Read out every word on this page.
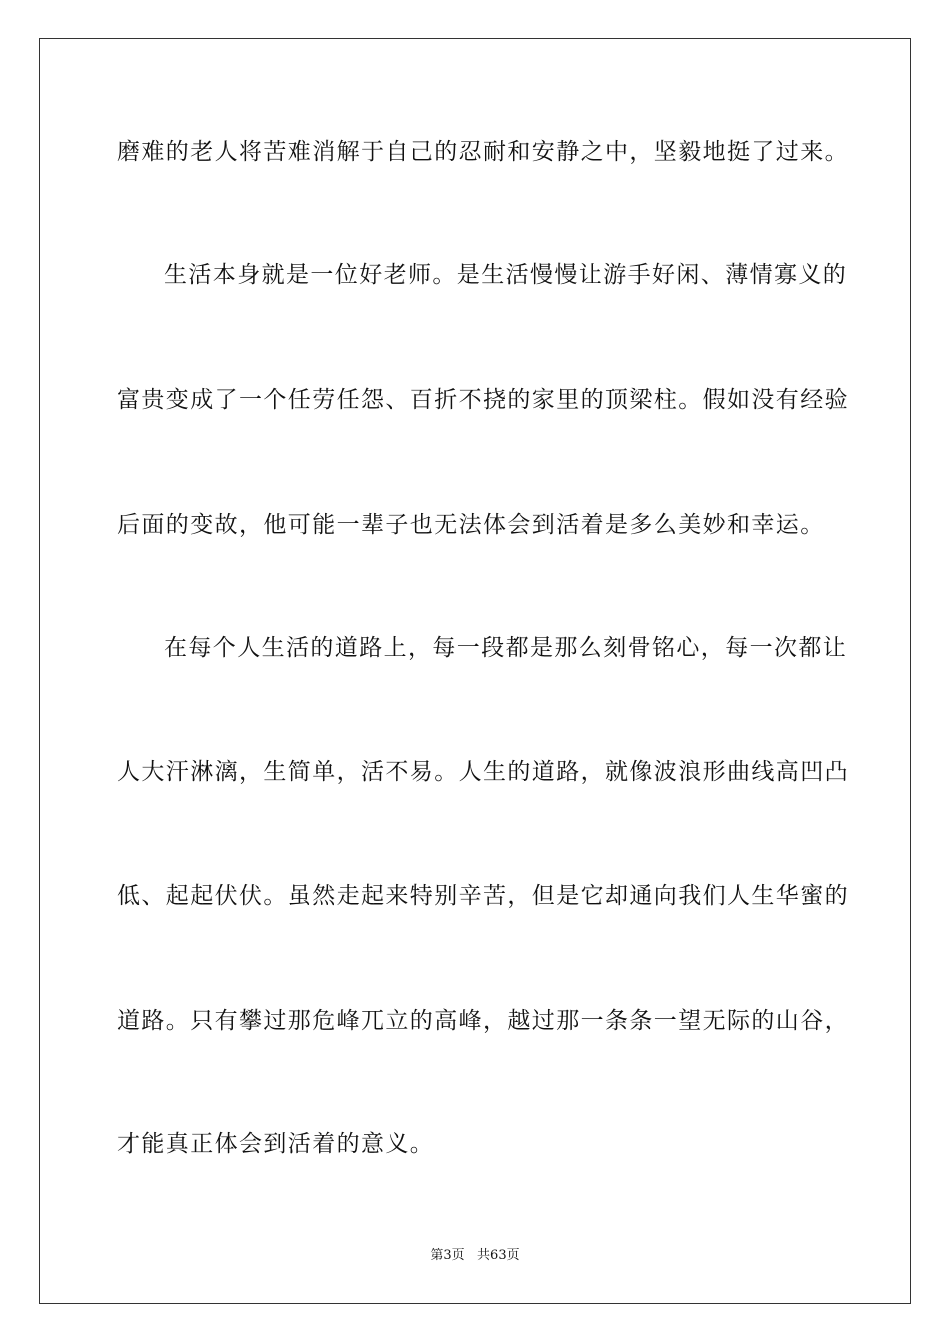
磨难的老人将苦难消解于自己的忍耐和安静之中，坚毅地挺了过来。
生活本身就是一位好老师。是生活慢慢让游手好闲、薄情寡义的
富贵变成了一个任劳任怨、百折不挠的家里的顶梁柱。假如没有经验
后面的变故，他可能一辈子也无法体会到活着是多么美妙和幸运。
在每个人生活的道路上，每一段都是那么刻骨铭心，每一次都让
人大汗淋漓，生简单，活不易。人生的道路，就像波浪形曲线高凹凸
低、起起伏伏。虽然走起来特别辛苦，但是它却通向我们人生华蜜的
道路。只有攀过那危峰兀立的高峰，越过那一条条一望无际的山谷，
才能真正体会到活着的意义。
第3页   共63页
